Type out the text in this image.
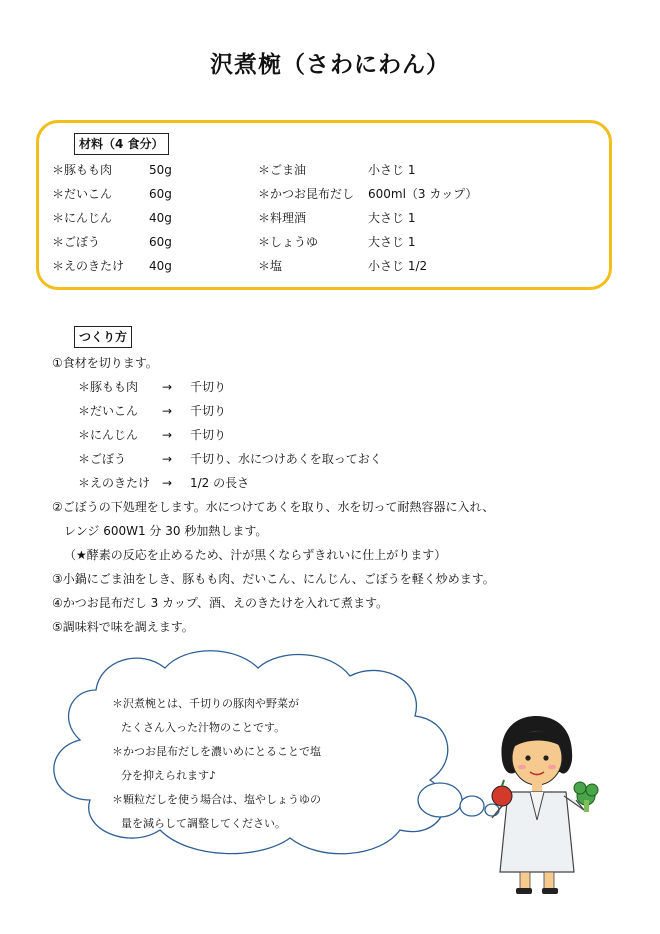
沢煮椀（さわにわん）
材料（4 食分）
＊豚もも肉	50g
＊だいこん	60g
＊にんじん	40g
＊ごぼう	60g
＊えのきたけ	40g
＊ごま油	小さじ 1
＊かつお昆布だし	600ml（3 カップ）
＊料理酒	大さじ 1
＊しょうゆ	大さじ 1
＊塩	小さじ 1/2
つくり方
①食材を切ります。
＊豚もも肉	→	千切り
＊だいこん	→	千切り
＊にんじん	→	千切り
＊ごぼう	→	千切り、水につけあくを取っておく
＊えのきたけ →	1/2 の長さ
②ごぼうの下処理をします。水につけてあくを取り、水を切って耐熱容器に入れ、
レンジ 600W1 分 30 秒加熱します。
（★酵素の反応を止めるため、汁が黒くならずきれいに仕上がります）
③小鍋にごま油をしき、豚もも肉、だいこん、にんじん、ごぼうを軽く炒めます。
④かつお昆布だし 3 カップ、酒、えのきたけを入れて煮ます。
⑤調味料で味を調えます。
＊沢煮椀とは、千切りの豚肉や野菜が
たくさん入った汁物のことです。
＊かつお昆布だしを濃いめにとることで塩
分を抑えられます♪
＊顆粒だしを使う場合は、塩やしょうゆの
量を減らして調整してください。
